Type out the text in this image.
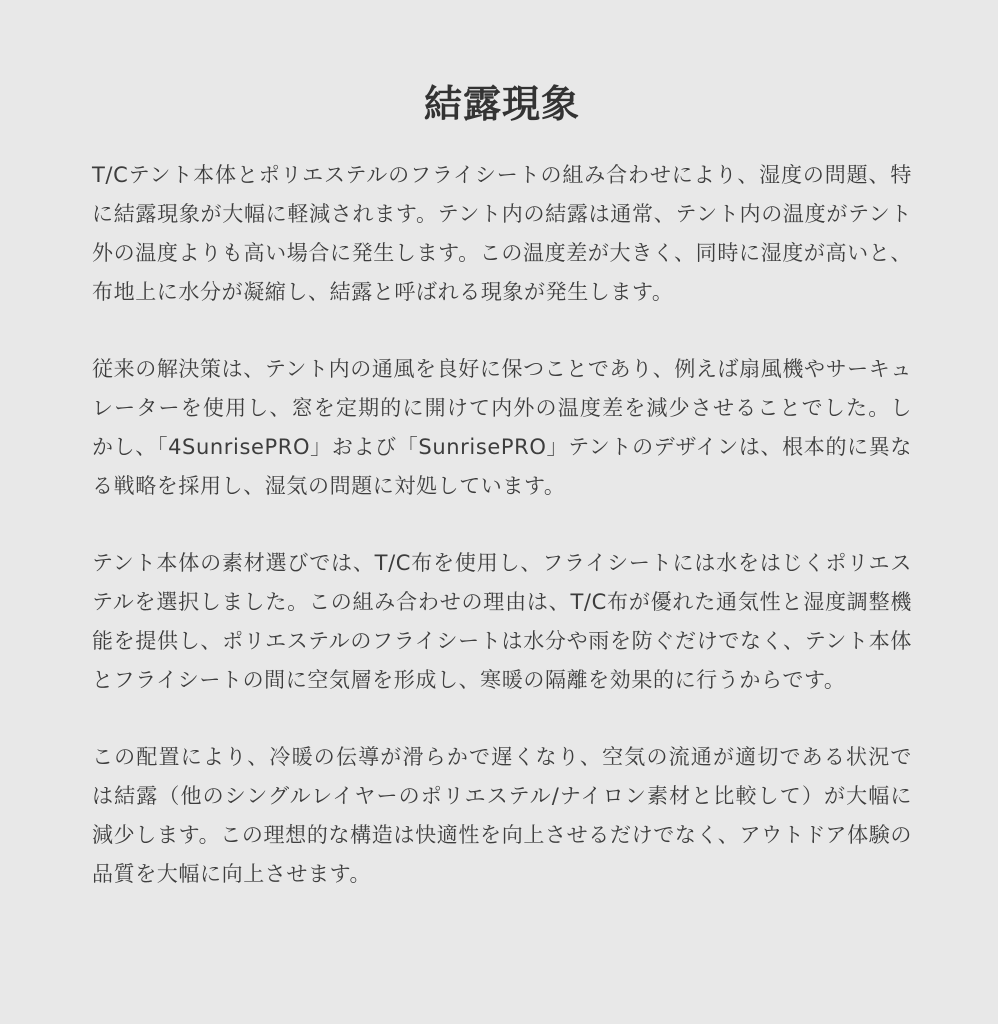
結露現象

T/Cテント本体とポリエステルのフライシートの組み合わせにより、湿度の問題、特に結露現象が大幅に軽減されます。テント内の結露は通常、テント内の温度がテント外の温度よりも高い場合に発生します。この温度差が大きく、同時に湿度が高いと、布地上に水分が凝縮し、結露と呼ばれる現象が発生します。

従来の解決策は、テント内の通風を良好に保つことであり、例えば扇風機やサーキュレーターを使用し、窓を定期的に開けて内外の温度差を減少させることでした。しかし、「4SunrisePRO」および「SunrisePRO」テントのデザインは、根本的に異なる戦略を採用し、湿気の問題に対処しています。

テント本体の素材選びでは、T/C布を使用し、フライシートには水をはじくポリエステルを選択しました。この組み合わせの理由は、T/C布が優れた通気性と湿度調整機能を提供し、ポリエステルのフライシートは水分や雨を防ぐだけでなく、テント本体とフライシートの間に空気層を形成し、寒暖の隔離を効果的に行うからです。

この配置により、冷暖の伝導が滑らかで遅くなり、空気の流通が適切である状況では結露（他のシングルレイヤーのポリエステル/ナイロン素材と比較して）が大幅に減少します。この理想的な構造は快適性を向上させるだけでなく、アウトドア体験の品質を大幅に向上させます。
